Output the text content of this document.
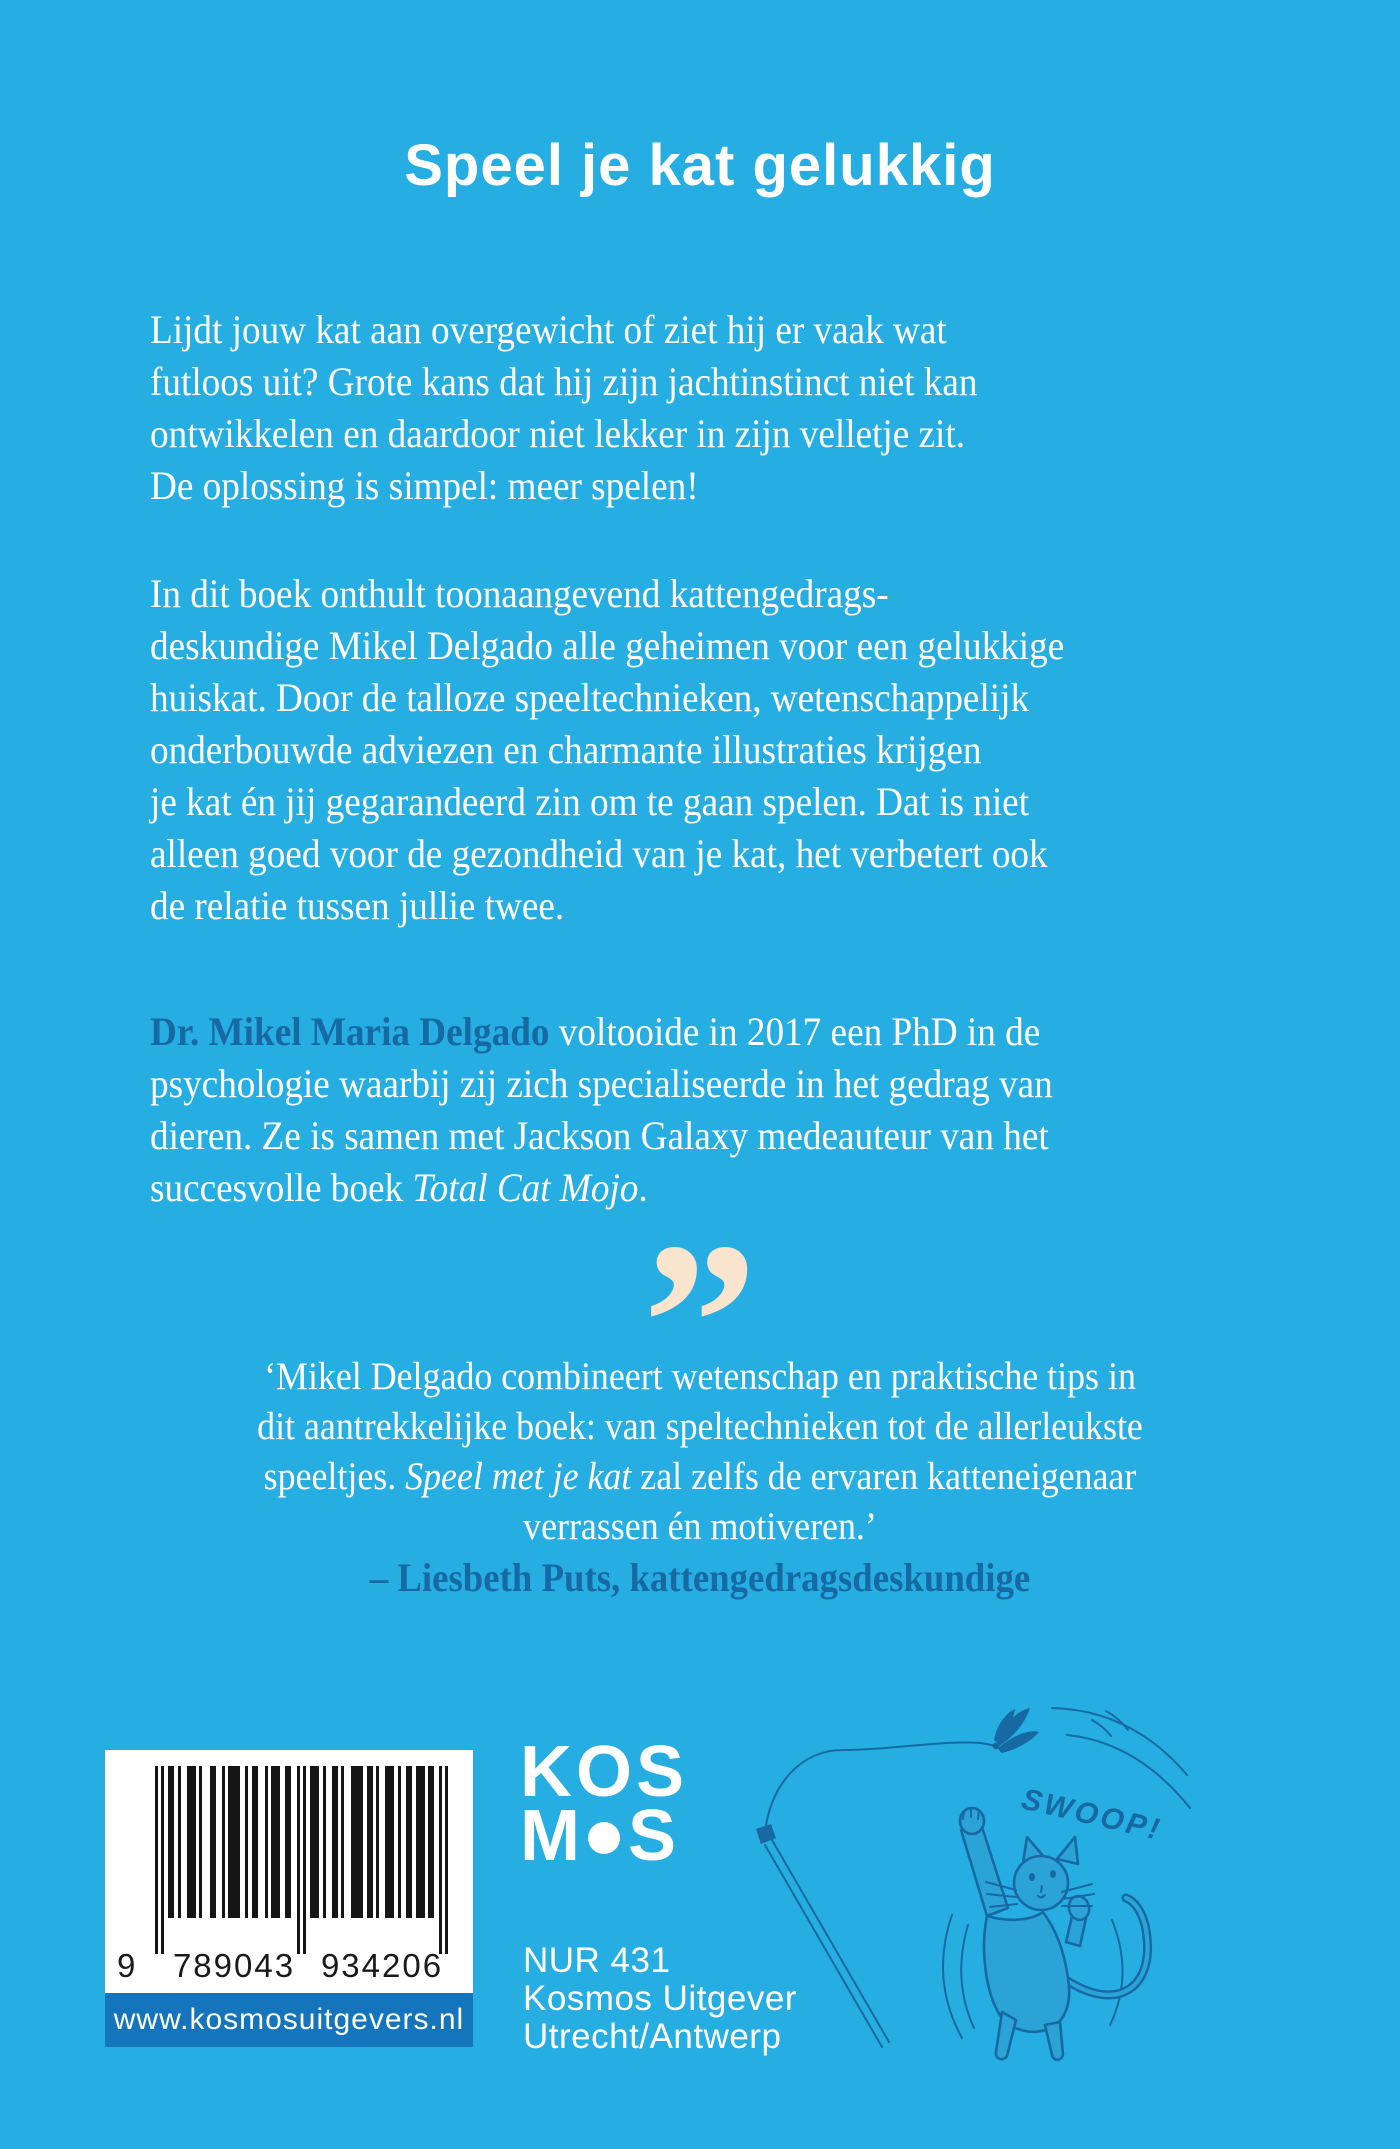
Speel je kat gelukkig
Lijdt jouw kat aan overgewicht of ziet hij er vaak wat
futloos uit? Grote kans dat hij zijn jachtinstinct niet kan
ontwikkelen en daardoor niet lekker in zijn velletje zit.
De oplossing is simpel: meer spelen!
In dit boek onthult toonaangevend kattengedrags-
deskundige Mikel Delgado alle geheimen voor een gelukkige
huiskat. Door de talloze speeltechnieken, wetenschappelijk
onderbouwde adviezen en charmante illustraties krijgen
je kat én jij gegarandeerd zin om te gaan spelen. Dat is niet
alleen goed voor de gezondheid van je kat, het verbetert ook
de relatie tussen jullie twee.
Dr. Mikel Maria Delgado voltooide in 2017 een PhD in de
psychologie waarbij zij zich specialiseerde in het gedrag van
dieren. Ze is samen met Jackson Galaxy medeauteur van het
succesvolle boek Total Cat Mojo.
”
‘Mikel Delgado combineert wetenschap en praktische tips in
dit aantrekkelijke boek: van speltechnieken tot de allerleukste
speeltjes. Speel met je kat zal zelfs de ervaren katteneigenaar
verrassen én motiveren.’
– Liesbeth Puts, kattengedragsdeskundige
9 789043 934206
www.kosmosuitgevers.nl
KOS
M S
NUR 431
Kosmos Uitgever
Utrecht/Antwerp
SWOOP!
